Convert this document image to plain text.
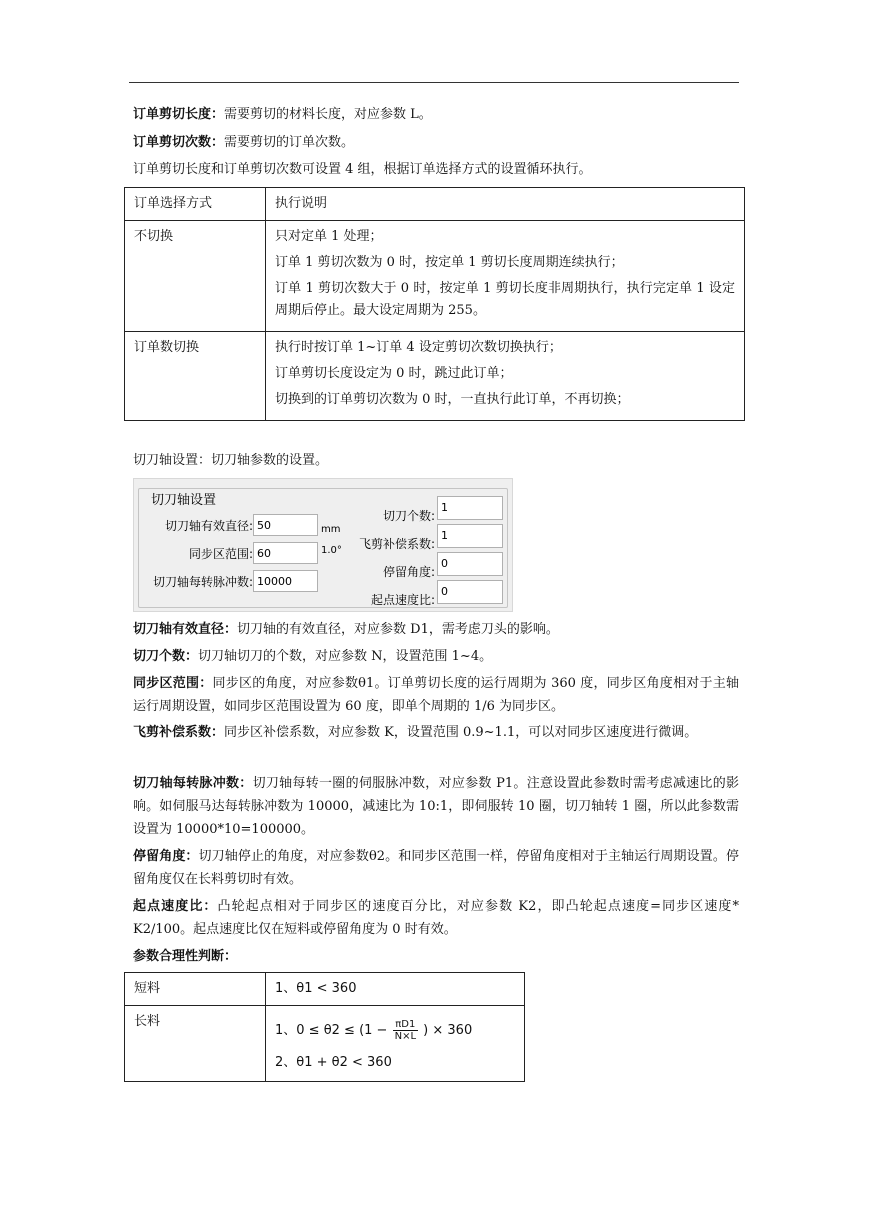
订单剪切长度：需要剪切的材料长度，对应参数 L。
订单剪切次数：需要剪切的订单次数。
订单剪切长度和订单剪切次数可设置 4 组，根据订单选择方式的设置循环执行。
订单选择方式	执行说明
不切换	只对定单 1 处理；

订单 1 剪切次数为 0 时，按定单 1 剪切长度周期连续执行；

订单 1 剪切次数大于 0 时，按定单 1 剪切长度非周期执行，执行完定单 1 设定周期后停止。最大设定周期为 255。

订单数切换	执行时按订单 1~订单 4 设定剪切次数切换执行；

订单剪切长度设定为 0 时，跳过此订单；

切换到的订单剪切次数为 0 时，一直执行此订单，不再切换；

切刀轴设置：切刀轴参数的设置。
切刀轴设置
切刀轴有效直径: 50	mm
同步区范围: 60	1.0°
切刀轴每转脉冲数: 10000
切刀个数:
1
飞剪补偿系数:
1
停留角度:
0
起点速度比:
0
切刀轴有效直径：切刀轴的有效直径，对应参数 D1，需考虑刀头的影响。
切刀个数：切刀轴切刀的个数，对应参数 N，设置范围 1~4。
同步区范围：同步区的角度，对应参数θ1。订单剪切长度的运行周期为 360 度，同步区角度相对于主轴运行周期设置，如同步区范围设置为 60 度，即单个周期的 1/6 为同步区。
飞剪补偿系数：同步区补偿系数，对应参数 K，设置范围 0.9~1.1，可以对同步区速度进行微调。
切刀轴每转脉冲数：切刀轴每转一圈的伺服脉冲数，对应参数 P1。注意设置此参数时需考虑减速比的影响。如伺服马达每转脉冲数为 10000，减速比为 10:1，即伺服转 10 圈，切刀轴转 1 圈，所以此参数需设置为 10000*10=100000。
停留角度：切刀轴停止的角度，对应参数θ2。和同步区范围一样，停留角度相对于主轴运行周期设置。停留角度仅在长料剪切时有效。
起点速度比：凸轮起点相对于同步区的速度百分比，对应参数 K2，即凸轮起点速度=同步区速度* K2/100。起点速度比仅在短料或停留角度为 0 时有效。
参数合理性判断：
短料	1、θ1 < 360
长料	1、$0 \le \theta 2 \le (1 - \frac{\pi D1}{N\times L}$ ) × 360

2、θ1 + θ2 < 360
